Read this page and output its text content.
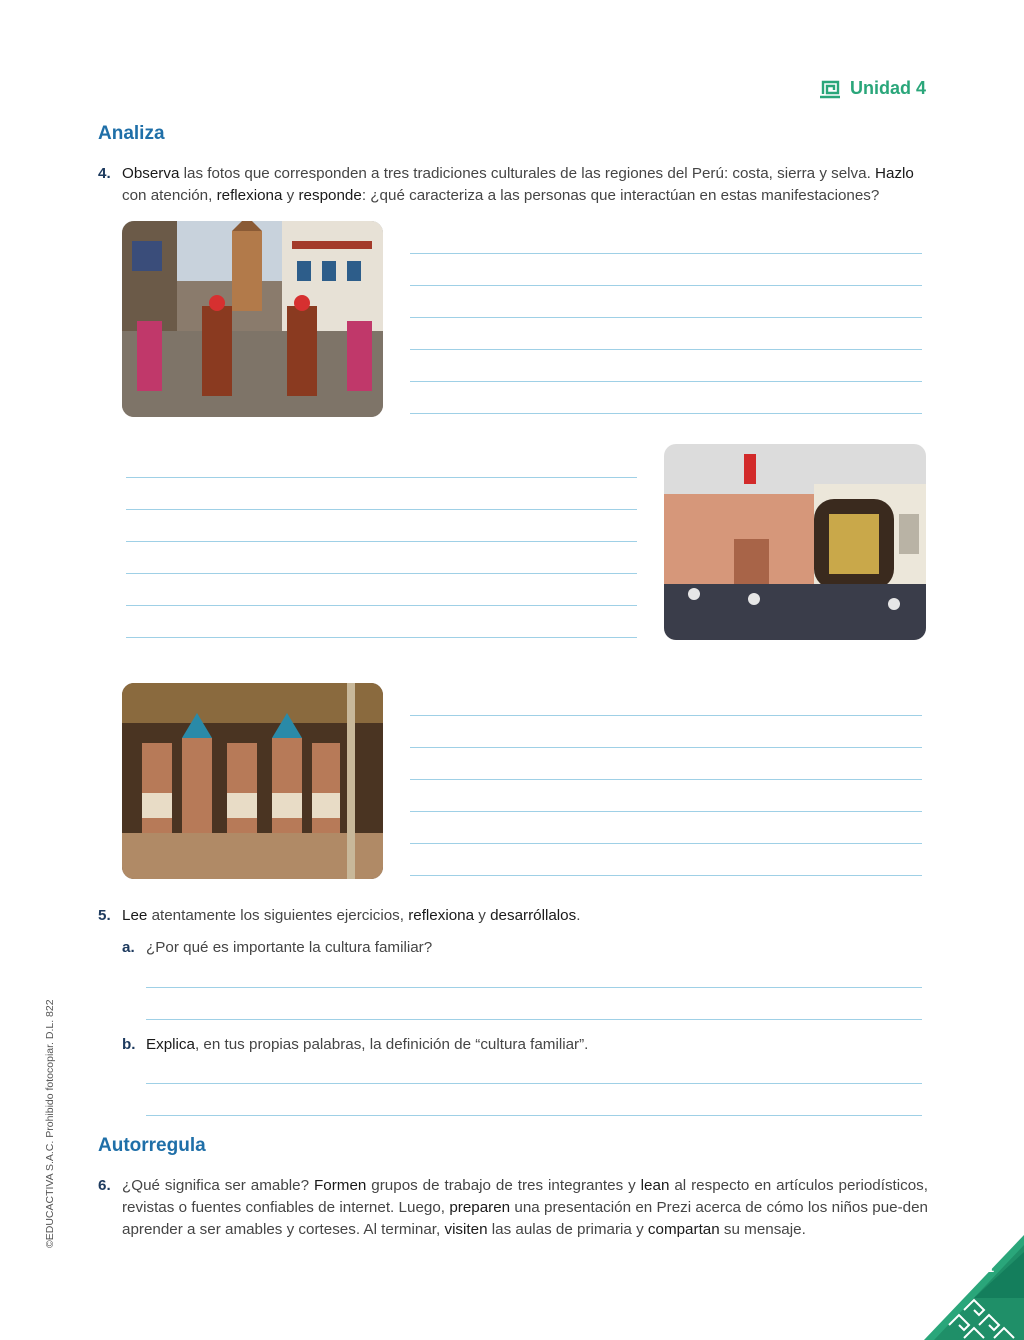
Unidad 4
Analiza
4. Observa las fotos que corresponden a tres tradiciones culturales de las regiones del Perú: costa, sierra y selva. Hazlo con atención, reflexiona y responde: ¿qué caracteriza a las personas que interactúan en estas manifestaciones?
5. Lee atentamente los siguientes ejercicios, reflexiona y desarróllalos.
a. ¿Por qué es importante la cultura familiar?
b. Explica, en tus propias palabras, la definición de “cultura familiar”.
Autorregula
6. ¿Qué significa ser amable? Formen grupos de trabajo de tres integrantes y lean al respecto en artículos periodísticos, revistas o fuentes confiables de internet. Luego, preparen una presentación en Prezi acerca de cómo los niños pue-den aprender a ser amables y corteses. Al terminar, visiten las aulas de primaria y compartan su mensaje.
©EDUCACTIVA S.A.C. Prohibido fotocopiar. D.L. 822
31
